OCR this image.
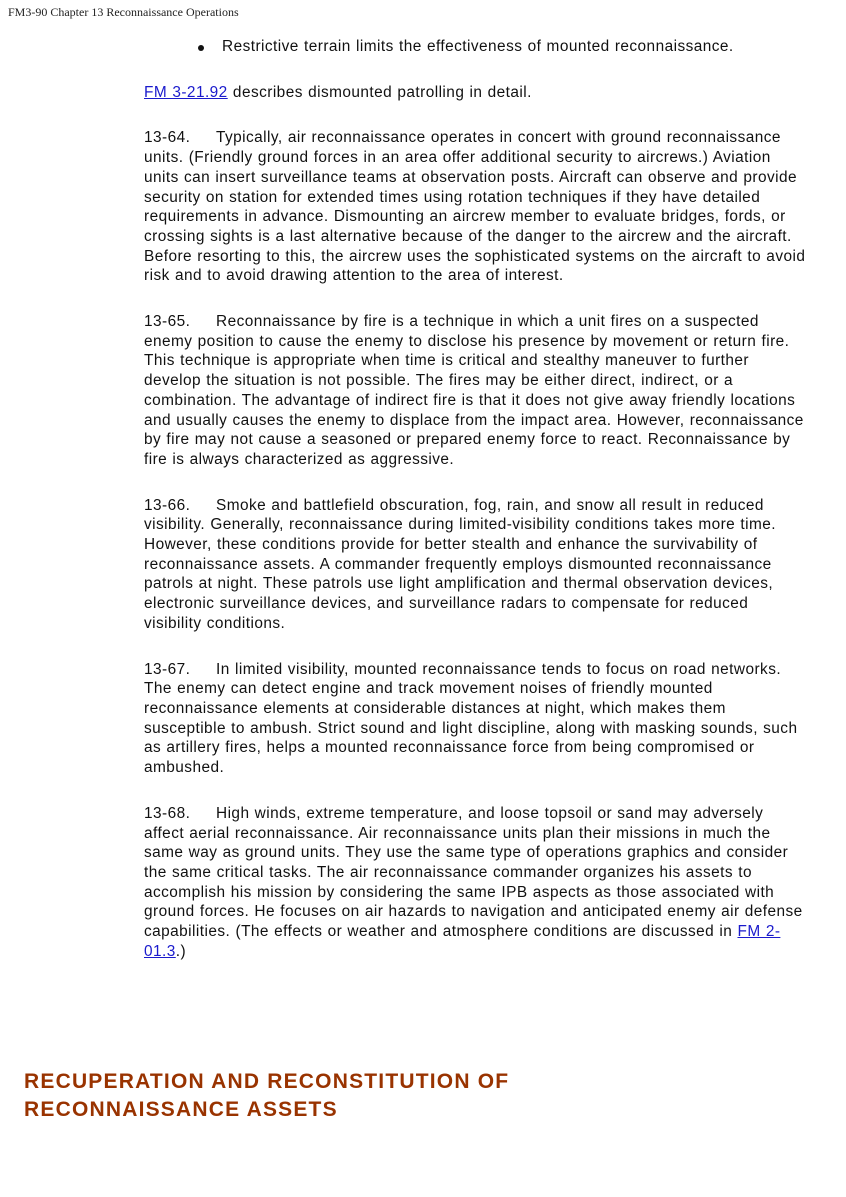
FM3-90 Chapter 13 Reconnaissance Operations
Restrictive terrain limits the effectiveness of mounted reconnaissance.

FM 3-21.92 describes dismounted patrolling in detail.

13-64. Typically, air reconnaissance operates in concert with ground reconnaissance units. (Friendly ground forces in an area offer additional security to aircrews.) Aviation units can insert surveillance teams at observation posts. Aircraft can observe and provide security on station for extended times using rotation techniques if they have detailed requirements in advance. Dismounting an aircrew member to evaluate bridges, fords, or crossing sights is a last alternative because of the danger to the aircrew and the aircraft. Before resorting to this, the aircrew uses the sophisticated systems on the aircraft to avoid risk and to avoid drawing attention to the area of interest.

13-65. Reconnaissance by fire is a technique in which a unit fires on a suspected enemy position to cause the enemy to disclose his presence by movement or return fire. This technique is appropriate when time is critical and stealthy maneuver to further develop the situation is not possible. The fires may be either direct, indirect, or a combination. The advantage of indirect fire is that it does not give away friendly locations and usually causes the enemy to displace from the impact area. However, reconnaissance by fire may not cause a seasoned or prepared enemy force to react. Reconnaissance by fire is always characterized as aggressive.

13-66. Smoke and battlefield obscuration, fog, rain, and snow all result in reduced visibility. Generally, reconnaissance during limited-visibility conditions takes more time. However, these conditions provide for better stealth and enhance the survivability of reconnaissance assets. A commander frequently employs dismounted reconnaissance patrols at night. These patrols use light amplification and thermal observation devices, electronic surveillance devices, and surveillance radars to compensate for reduced visibility conditions.

13-67. In limited visibility, mounted reconnaissance tends to focus on road networks. The enemy can detect engine and track movement noises of friendly mounted reconnaissance elements at considerable distances at night, which makes them susceptible to ambush. Strict sound and light discipline, along with masking sounds, such as artillery fires, helps a mounted reconnaissance force from being compromised or ambushed.

13-68. High winds, extreme temperature, and loose topsoil or sand may adversely affect aerial reconnaissance. Air reconnaissance units plan their missions in much the same way as ground units. They use the same type of operations graphics and consider the same critical tasks. The air reconnaissance commander organizes his assets to accomplish his mission by considering the same IPB aspects as those associated with ground forces. He focuses on air hazards to navigation and anticipated enemy air defense capabilities. (The effects or weather and atmosphere conditions are discussed in FM 2-01.3.)

RECUPERATION AND RECONSTITUTION OF RECONNAISSANCE ASSETS
